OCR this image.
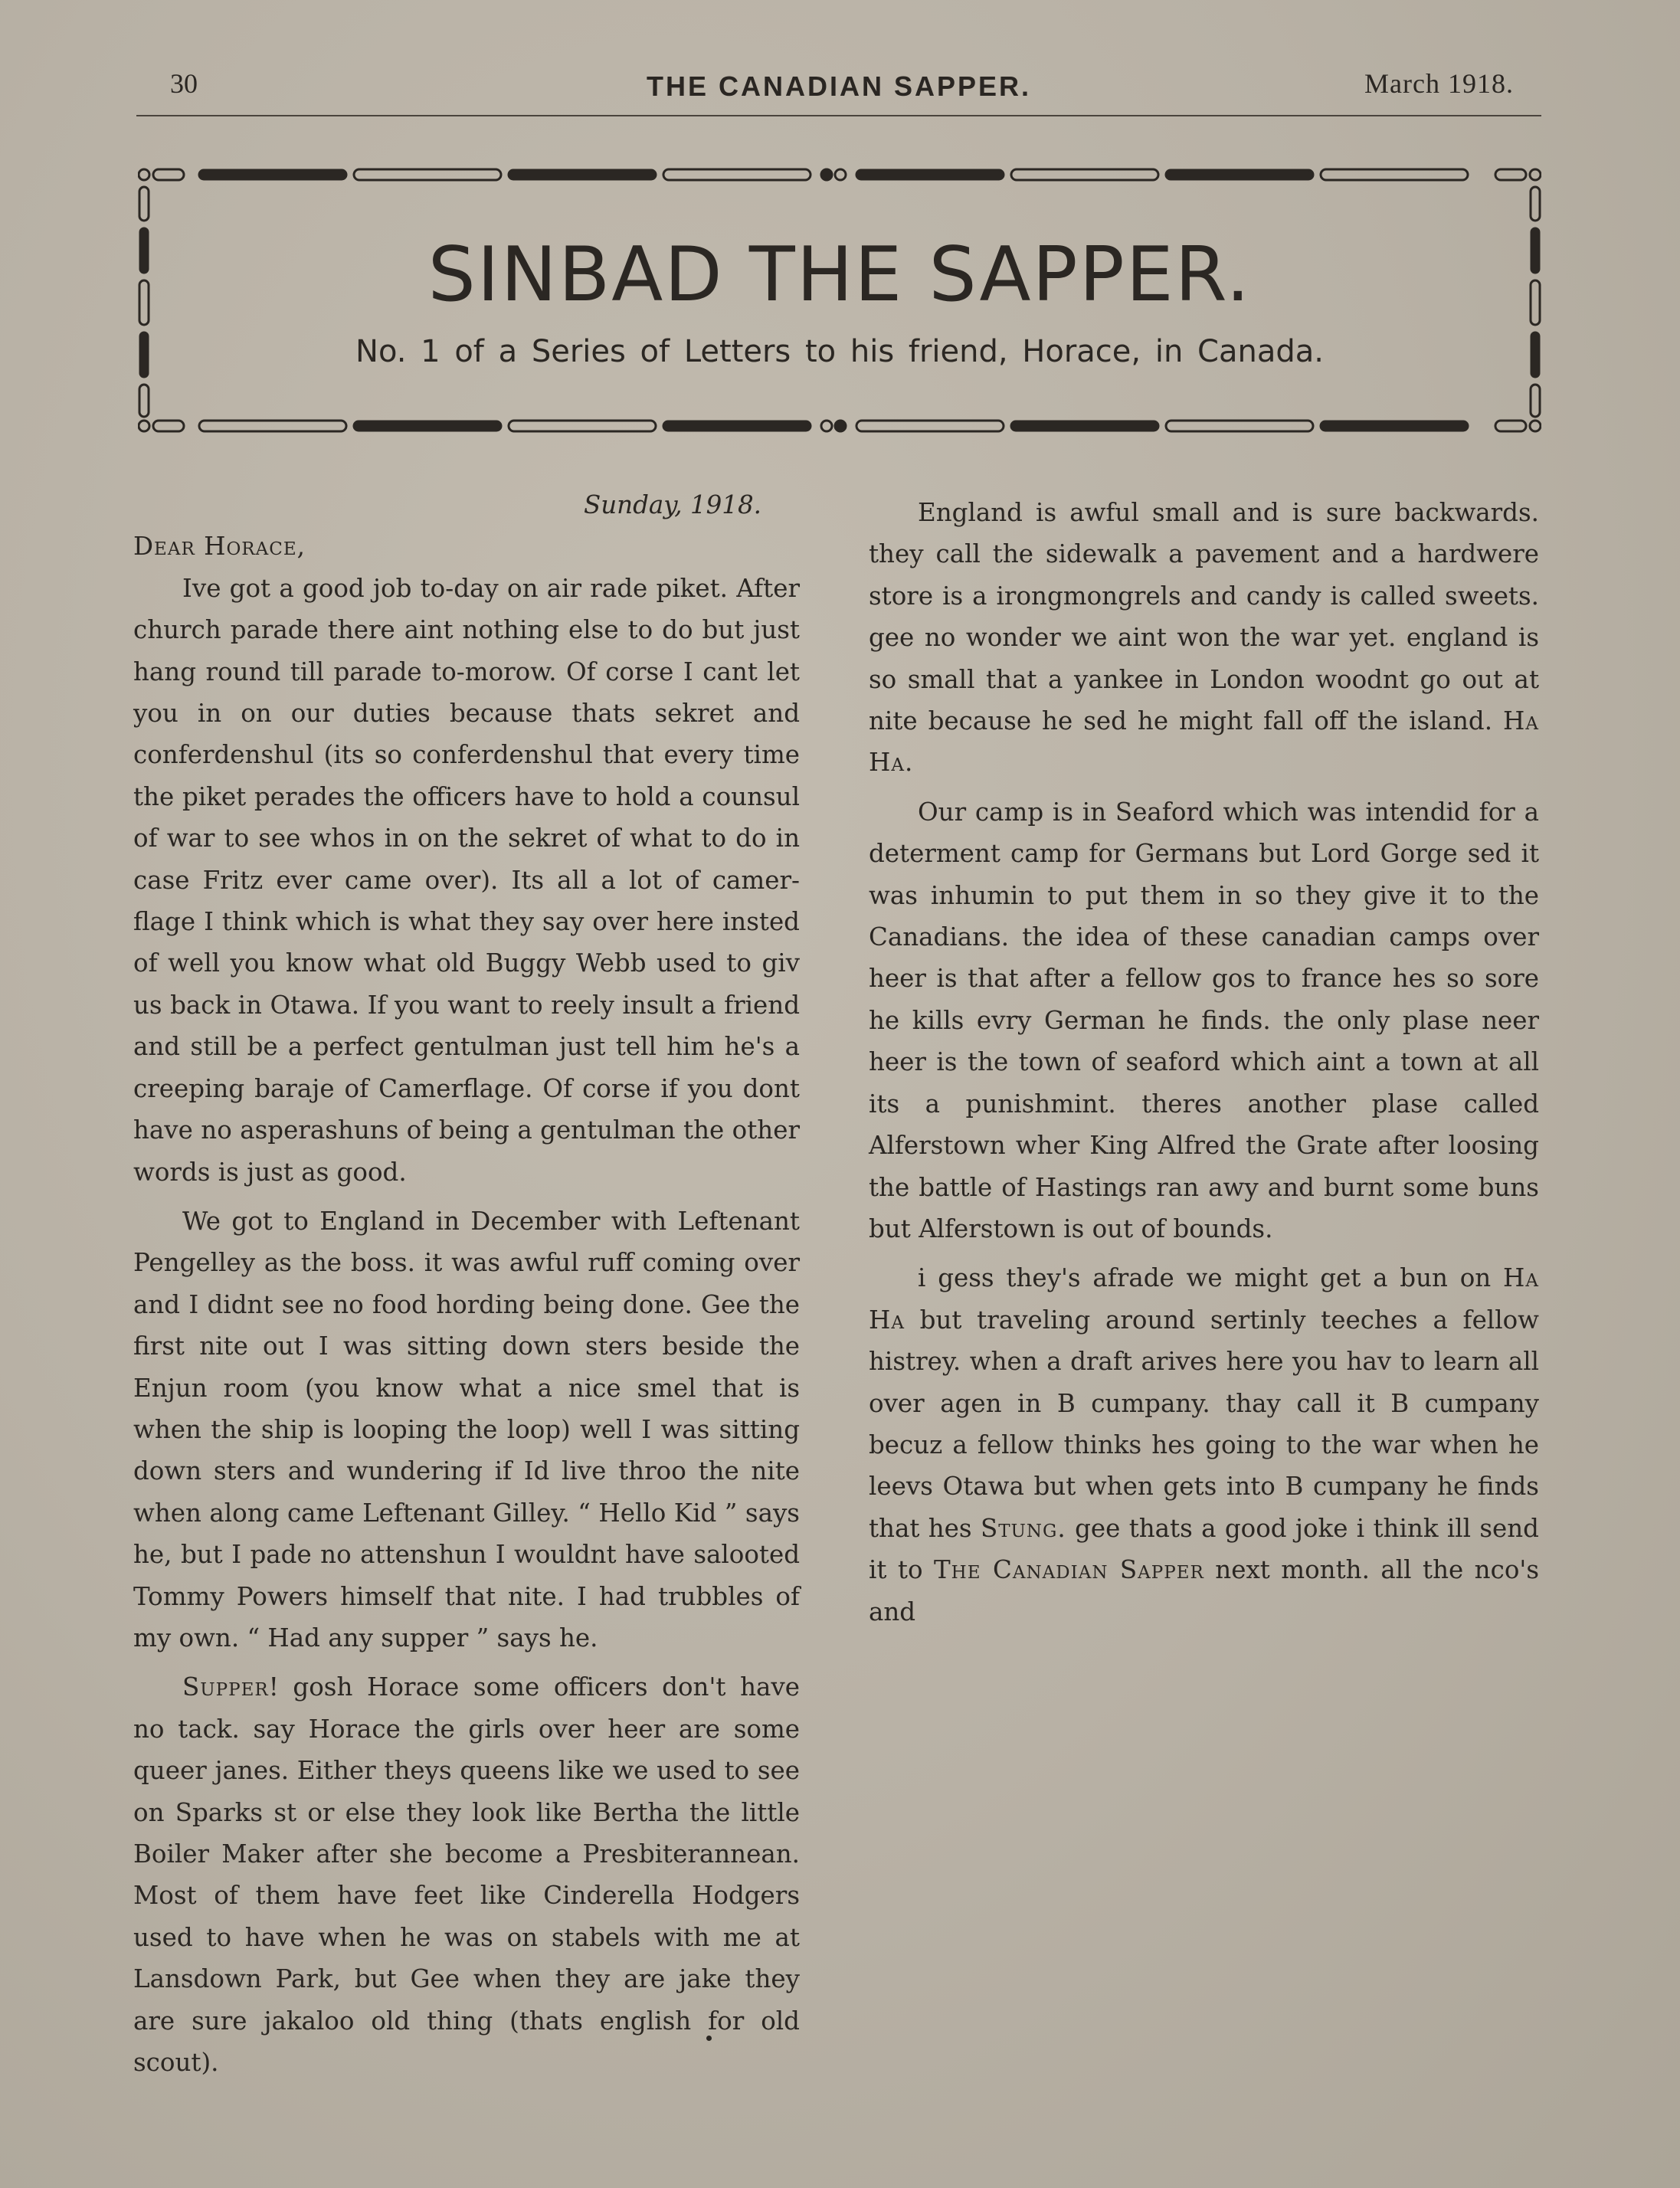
30	THE CANADIAN SAPPER.	March 1918.
SINBAD THE SAPPER.
No. 1 of a Series of Letters to his friend, Horace, in Canada.

Sunday, 1918.

Dear Horace,

Ive got a good job to-day on air rade piket. After church parade there aint nothing else to do but just hang round till parade to-morow. Of corse I cant let you in on our duties because thats sekret and conferdenshul (its so conferdenshul that every time the piket perades the officers have to hold a counsul of war to see whos in on the sekret of what to do in case Fritz ever came over). Its all a lot of camerflage I think which is what they say over here insted of well you know what old Buggy Webb used to giv us back in Otawa. If you want to reely insult a friend and still be a perfect gentulman just tell him he's a creeping baraje of Camerflage. Of corse if you dont have no asperashuns of being a gentulman the other words is just as good.

We got to England in December with Leftenant Pengelley as the boss. it was awful ruff coming over and I didnt see no food hording being done. Gee the first nite out I was sitting down sters beside the Enjun room (you know what a nice smel that is when the ship is looping the loop) well I was sitting down sters and wundering if Id live throo the nite when along came Leftenant Gilley. “ Hello Kid ” says he, but I pade no attenshun I wouldnt have salooted Tommy Powers himself that nite. I had trubbles of my own. “ Had any supper ” says he.

Supper! gosh Horace some officers don't have no tack. say Horace the girls over heer are some queer janes. Either theys queens like we used to see on Sparks st or else they look like Bertha the little Boiler Maker after she become a Presbiterannean. Most of them have feet like Cinderella Hodgers used to have when he was on stabels with me at Lansdown Park, but Gee when they are jake they are sure jakaloo old thing (thats english for old scout).

England is awful small and is sure backwards. they call the sidewalk a pavement and a hardwere store is a irongmongrels and candy is called sweets. gee no wonder we aint won the war yet. england is so small that a yankee in London woodnt go out at nite because he sed he might fall off the island. Ha Ha.

Our camp is in Seaford which was intendid for a determent camp for Germans but Lord Gorge sed it was inhumin to put them in so they give it to the Canadians. the idea of these canadian camps over heer is that after a fellow gos to france hes so sore he kills evry German he finds. the only plase neer heer is the town of seaford which aint a town at all its a punishmint. theres another plase called Alferstown wher King Alfred the Grate after loosing the battle of Hastings ran awy and burnt some buns but Alferstown is out of bounds.

i gess they's afrade we might get a bun on Ha Ha but traveling around sertinly teeches a fellow histrey. when a draft arives here you hav to learn all over agen in B cumpany. thay call it B cumpany becuz a fellow thinks hes going to the war when he leevs Otawa but when gets into B cumpany he finds that hes Stung. gee thats a good joke i think ill send it to The Canadian Sapper next month. all the nco's and
